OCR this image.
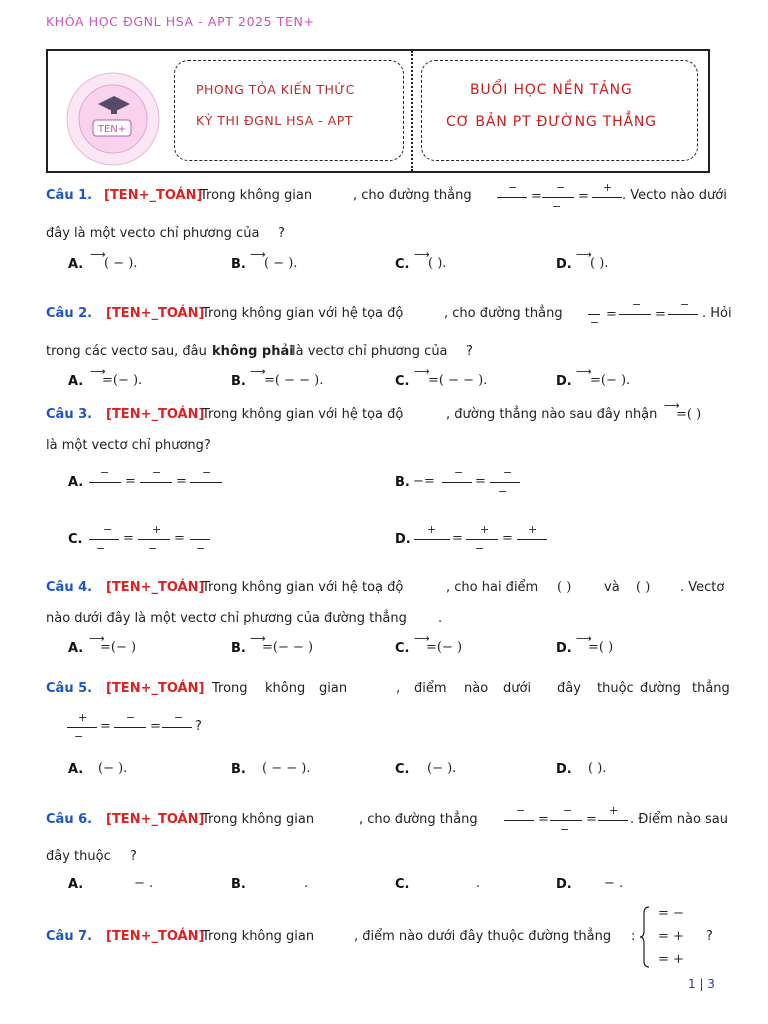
KHÓA HỌC ĐGNL HSA - APT 2025 TEN+
TEN+
PHONG TỎA KIẾN THỨC
KỲ THI ĐGNL HSA - APT
BUỔI HỌC NỀN TẢNG
CƠ BẢN PT ĐƯỜNG THẲNG
Câu 1. [TEN+_TOÁN]
Trong không gian	, cho đường thẳng
−
=
−
−
=
+
. Vecto nào dưới
đây là một vecto chỉ phương của ?
A.
⟶
( − ).	B.
⟶
( − ).	C.
⟶
( ).	D.
⟶
( ).
Câu 2. [TEN+_TOÁN]
Trong không gian với hệ tọa độ	, cho đường thẳng
−
=
−
=
−
. Hỏi
trong các vectơ sau, đâu không phải
là vectơ chỉ phương của ?
A.
⟶
=(− ).	B.
⟶
=( − − ).	C.
⟶
=( − − ).	D.
⟶
=(− ).
Câu 3. [TEN+_TOÁN]
Trong không gian với hệ tọa độ	, đường thẳng nào sau đây nhận
⟶
=( )
là một vectơ chỉ phương?
A.
−
=
−
=
−
B. −=
−
=
−
−
C.
−
−
=
+
−
=
−
D.
+
=
+
−
=
+
Câu 4. [TEN+_TOÁN]
Trong không gian với hệ toạ độ	, cho hai điểm ( )	và ( ) . Vectơ
nào dưới đây là một vectơ chỉ phương của đường thẳng .
A.
⟶
=(− )	B.
⟶
=(− − )	C.
⟶
=(− )	D.
⟶
=( )
Câu 5. [TEN+_TOÁN] Trong không gian	, điểm nào dưới đây thuộc đường thẳng
+
−
=
−
=
−
?
A. (− ).	B. ( − − ).	C. (− ).	D. ( ).
Câu 6. [TEN+_TOÁN]
Trong không gian	, cho đường thẳng
−
=
−
−
=
+
. Điểm nào sau
đây thuộc ?
A.	− .	B.	.	C.	.	D. − .
Câu 7. [TEN+_TOÁN]
Trong không gian	, điểm nào dưới đây thuộc đường thẳng :
= −
= +
= +
?
1 | 3
